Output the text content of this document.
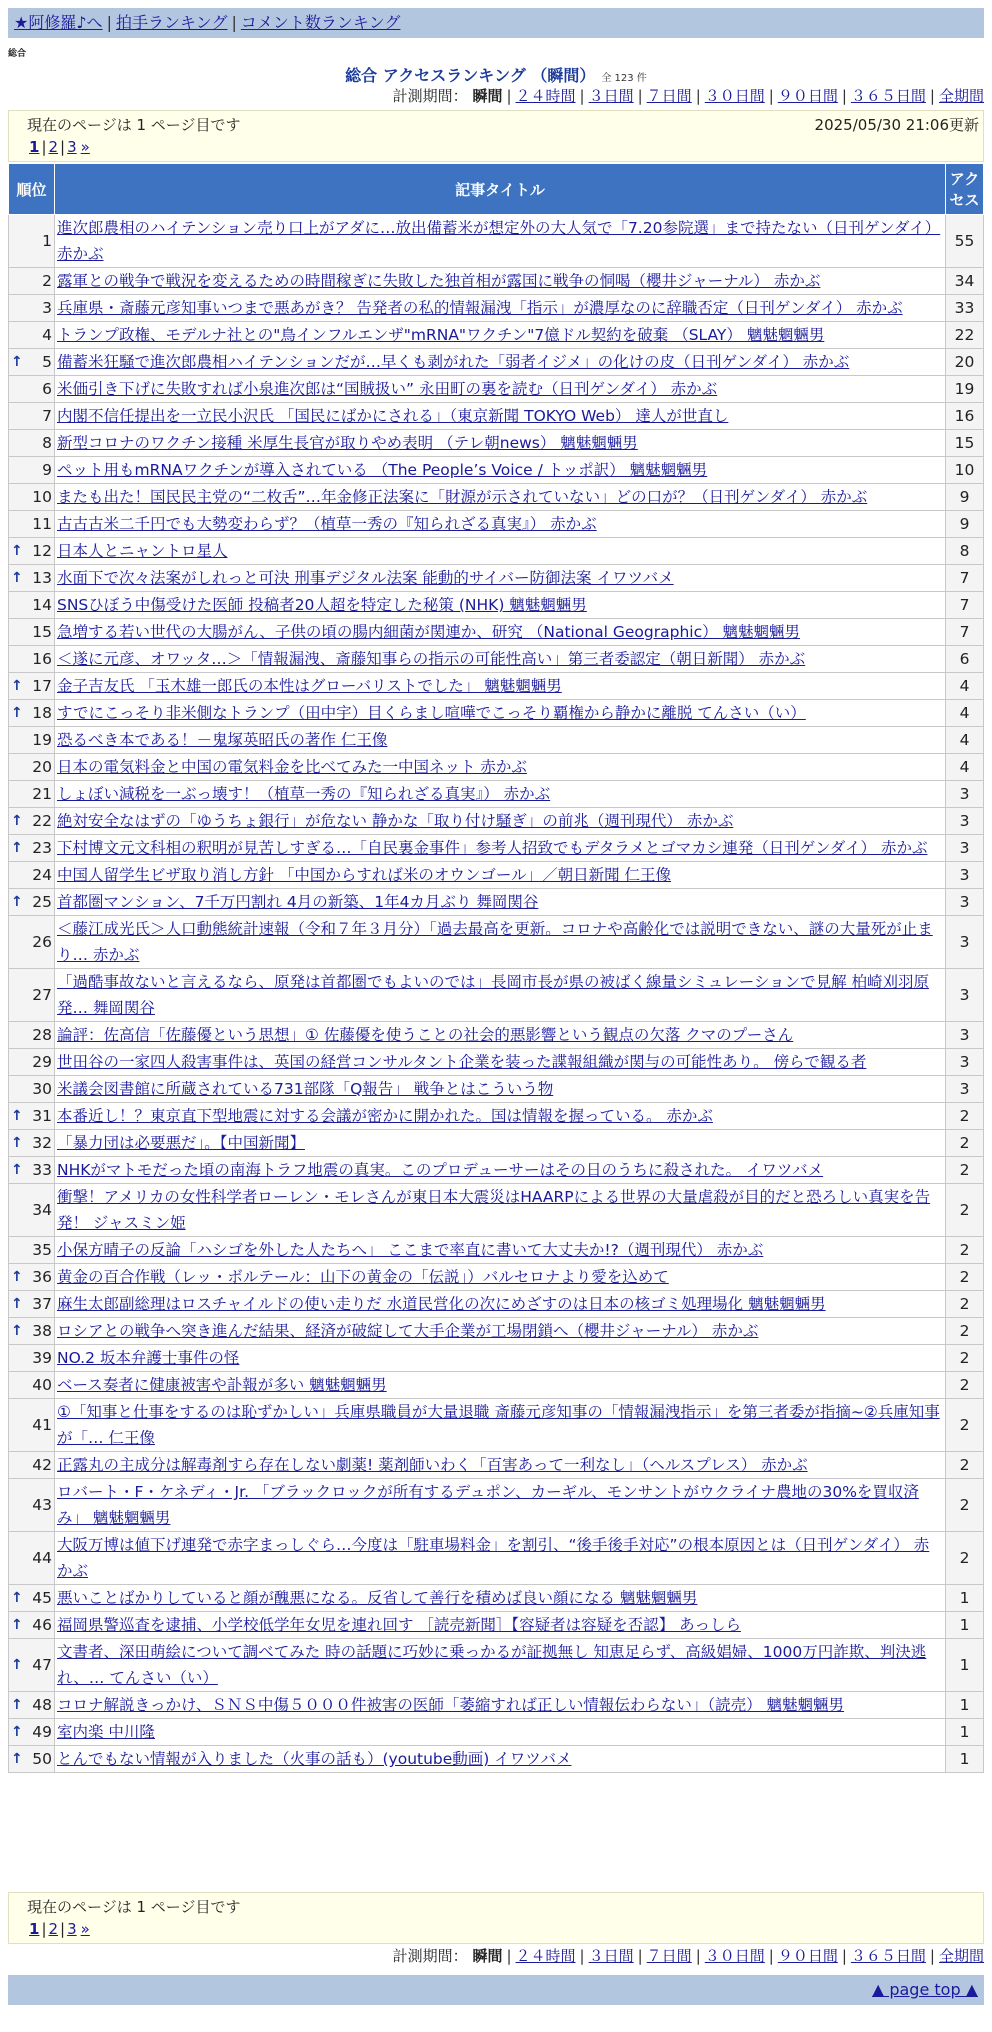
★阿修羅♪へ | 拍手ランキング | コメント数ランキング
総合
総合 アクセスランキング （瞬間） 全 123 件
計測期間： 瞬間 | ２４時間 | ３日間 | ７日間 | ３０日間 | ９０日間 | ３６５日間 | 全期間
現在のページは 1 ページ目です	2025/05/30 21:06更新
1 | 2 | 3 »
順位	記事タイトル	アクセス
1	進次郎農相のハイテンション売り口上がアダに…放出備蓄米が想定外の大人気で「7.20参院選」まで持たない（日刊ゲンダイ） 赤かぶ	55
2	露軍との戦争で戦況を変えるための時間稼ぎに失敗した独首相が露国に戦争の恫喝（櫻井ジャーナル） 赤かぶ	34
3	兵庫県・斎藤元彦知事いつまで悪あがき？ 告発者の私的情報漏洩「指示」が濃厚なのに辞職否定（日刊ゲンダイ） 赤かぶ	33
4	トランプ政権、モデルナ社との"鳥インフルエンザ"mRNA"ワクチン"7億ドル契約を破棄 （SLAY） 魑魅魍魎男	22

↑ 5	備蓄米狂騒で進次郎農相ハイテンションだが…早くも剥がれた「弱者イジメ」の化けの皮（日刊ゲンダイ） 赤かぶ	20
6	米価引き下げに失敗すれば小泉進次郎は“国賊扱い” 永田町の裏を読む（日刊ゲンダイ） 赤かぶ	19
7	内閣不信任提出を一立民小沢氏 「国民にばかにされる」（東京新聞 TOKYO Web） 達人が世直し	16
8	新型コロナのワクチン接種 米厚生長官が取りやめ表明 （テレ朝news） 魑魅魍魎男	15
9	ペット用もmRNAワクチンが導入されている （The People’s Voice / トッポ訳） 魑魅魍魎男	10
10	またも出た！国民民主党の“二枚舌”…年金修正法案に「財源が示されていない」どの口が？（日刊ゲンダイ） 赤かぶ	9
11	古古古米二千円でも大勢変わらず？（植草一秀の『知られざる真実』） 赤かぶ	9

↑ 12	日本人とニャントロ星人	8

↑ 13	水面下で次々法案がしれっと可決 刑事デジタル法案 能動的サイバー防御法案 イワツバメ	7
14	SNSひぼう中傷受けた医師 投稿者20人超を特定した秘策 (NHK) 魑魅魍魎男	7
15	急増する若い世代の大腸がん、子供の頃の腸内細菌が関連か、研究 （National Geographic） 魑魅魍魎男	7
16	＜遂に元彦、オワッタ…＞「情報漏洩、斎藤知事らの指示の可能性高い」第三者委認定（朝日新聞） 赤かぶ	6

↑ 17	金子吉友氏 「玉木雄一郎氏の本性はグローバリストでした」 魑魅魍魎男	4

↑ 18	すでにこっそり非米側なトランプ（田中宇）目くらまし喧嘩でこっそり覇権から静かに離脱 てんさい（い）	4
19	恐るべき本である！－鬼塚英昭氏の著作 仁王像	4
20	日本の電気料金と中国の電気料金を比べてみた一中国ネット 赤かぶ	4
21	しょぼい減税を一ぶっ壊す！（植草一秀の『知られざる真実』） 赤かぶ	3

↑ 22	絶対安全なはずの「ゆうちょ銀行」が危ない 静かな「取り付け騒ぎ」の前兆（週刊現代） 赤かぶ	3

↑ 23	下村博文元文科相の釈明が見苦しすぎる…「自民裏金事件」参考人招致でもデタラメとゴマカシ連発（日刊ゲンダイ） 赤かぶ	3
24	中国人留学生ビザ取り消し方針 「中国からすれば米のオウンゴール」／朝日新聞 仁王像	3

↑ 25	首都圏マンション、7千万円割れ 4月の新築、1年4カ月ぶり 舞岡関谷	3
26	＜藤江成光氏＞人口動態統計速報（令和７年３月分）「過去最高を更新。コロナや高齢化では説明できない、謎の大量死が止まり… 赤かぶ	3
27	「過酷事故ないと言えるなら、原発は首都圏でもよいのでは」長岡市長が県の被ばく線量シミュレーションで見解 柏崎刈羽原発… 舞岡関谷	3
28	論評：佐高信「佐藤優という思想」① 佐藤優を使うことの社会的悪影響という観点の欠落 クマのプーさん	3
29	世田谷の一家四人殺害事件は、英国の経営コンサルタント企業を装った諜報組織が関与の可能性あり。 傍らで観る者	3
30	米議会図書館に所蔵されている731部隊「Q報告」 戦争とはこういう物	3

↑ 31	本番近し！？東京直下型地震に対する会議が密かに開かれた。国は情報を握っている。 赤かぶ	2

↑ 32	「暴力団は必要悪だ」。【中国新聞】	2

↑ 33	NHKがマトモだった頃の南海トラフ地震の真実。このプロデューサーはその日のうちに殺された。 イワツバメ	2
34	衝撃！アメリカの女性科学者ローレン・モレさんが東日本大震災はHAARPによる世界の大量虐殺が目的だと恐ろしい真実を告発！ ジャスミン姫	2
35	小保方晴子の反論「ハシゴを外した人たちへ」 ここまで率直に書いて大丈夫か!?（週刊現代） 赤かぶ	2

↑ 36	黄金の百合作戦（レッ・ボルテール：山下の黄金の「伝説」）バルセロナより愛を込めて	2

↑ 37	麻生太郎副総理はロスチャイルドの使い走りだ 水道民営化の次にめざすのは日本の核ゴミ処理場化 魑魅魍魎男	2

↑ 38	ロシアとの戦争へ突き進んだ結果、経済が破綻して大手企業が工場閉鎖へ（櫻井ジャーナル） 赤かぶ	2
39	NO.2 坂本弁護士事件の怪	2
40	ベース奏者に健康被害や訃報が多い 魑魅魍魎男	2
41	①「知事と仕事をするのは恥ずかしい」兵庫県職員が大量退職 斎藤元彦知事の「情報漏洩指示」を第三者委が指摘~②兵庫知事が「… 仁王像	2
42	正露丸の主成分は解毒剤すら存在しない劇薬! 薬剤師いわく「百害あって一利なし」（ヘルスプレス） 赤かぶ	2
43	ロバート・F・ケネディ・Jr. 「ブラックロックが所有するデュポン、カーギル、モンサントがウクライナ農地の30%を買収済み」 魑魅魍魎男	2
44	大阪万博は値下げ連発で赤字まっしぐら…今度は「駐車場料金」を割引、“後手後手対応”の根本原因とは（日刊ゲンダイ） 赤かぶ	2

↑ 45	悪いことばかりしていると顔が醜悪になる。反省して善行を積めば良い顔になる 魑魅魍魎男	1

↑ 46	福岡県警巡査を逮捕、小学校低学年女児を連れ回す ［読売新聞］【容疑者は容疑を否認】 あっしら	1

↑ 47	文書者、深田萌絵について調べてみた 時の話題に巧妙に乗っかるが証拠無し 知恵足らず、高級娼婦、1000万円詐欺、判決逃れ、… てんさい（い）	1

↑ 48	コロナ解説きっかけ、ＳＮＳ中傷５０００件被害の医師「萎縮すれば正しい情報伝わらない」（読売） 魑魅魍魎男	1

↑ 49	室内楽 中川隆	1

↑ 50	とんでもない情報が入りました（火事の話も）(youtube動画) イワツバメ	1
現在のページは 1 ページ目です
1 | 2 | 3 »
計測期間： 瞬間 | ２４時間 | ３日間 | ７日間 | ３０日間 | ９０日間 | ３６５日間 | 全期間
▲ page top ▲
